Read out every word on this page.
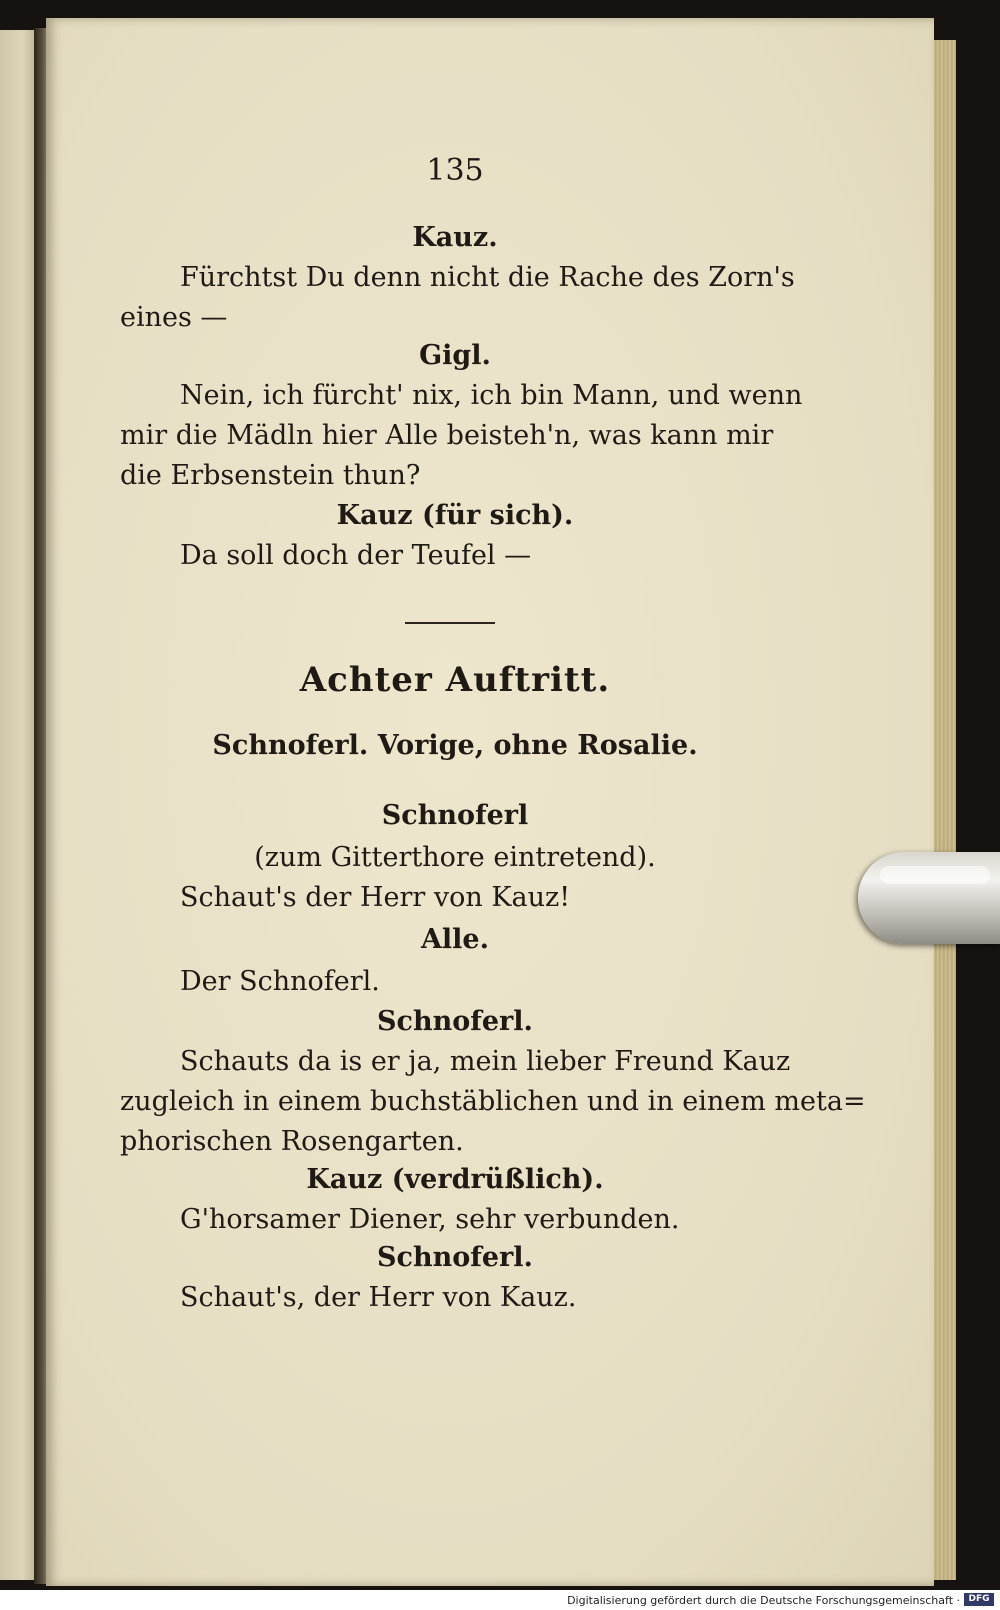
135
Kauz.
Fürchtst Du denn nicht die Rache des Zorn's
eines —
Gigl.
Nein, ich fürcht' nix, ich bin Mann, und wenn
mir die Mädln hier Alle beisteh'n, was kann mir
die Erbsenstein thun?
Kauz (für sich).
Da soll doch der Teufel —
Achter Auftritt.
Schnoferl. Vorige, ohne Rosalie.
Schnoferl
(zum Gitterthore eintretend).
Schaut's der Herr von Kauz!
Alle.
Der Schnoferl.
Schnoferl.
Schauts da is er ja, mein lieber Freund Kauz
zugleich in einem buchstäblichen und in einem meta=
phorischen Rosengarten.
Kauz (verdrüßlich).
G'horsamer Diener, sehr verbunden.
Schnoferl.
Schaut's, der Herr von Kauz.
Digitalisierung gefördert durch die Deutsche Forschungsgemeinschaft · DFG
